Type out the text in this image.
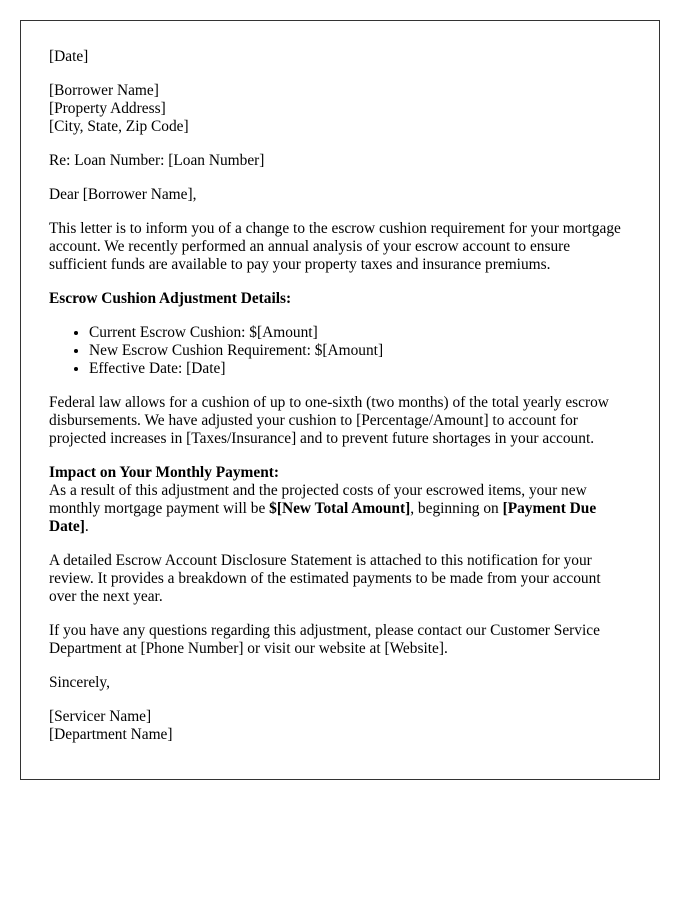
[Date]

[Borrower Name]
[Property Address]
[City, State, Zip Code]

Re: Loan Number: [Loan Number]

Dear [Borrower Name],

This letter is to inform you of a change to the escrow cushion requirement for your mortgage account. We recently performed an annual analysis of your escrow account to ensure sufficient funds are available to pay your property taxes and insurance premiums.

Escrow Cushion Adjustment Details:

• Current Escrow Cushion: $[Amount]
• New Escrow Cushion Requirement: $[Amount]
• Effective Date: [Date]

Federal law allows for a cushion of up to one-sixth (two months) of the total yearly escrow disbursements. We have adjusted your cushion to [Percentage/Amount] to account for projected increases in [Taxes/Insurance] and to prevent future shortages in your account.

Impact on Your Monthly Payment:
As a result of this adjustment and the projected costs of your escrowed items, your new monthly mortgage payment will be $[New Total Amount], beginning on [Payment Due Date].

A detailed Escrow Account Disclosure Statement is attached to this notification for your review. It provides a breakdown of the estimated payments to be made from your account over the next year.

If you have any questions regarding this adjustment, please contact our Customer Service Department at [Phone Number] or visit our website at [Website].

Sincerely,

[Servicer Name]
[Department Name]
